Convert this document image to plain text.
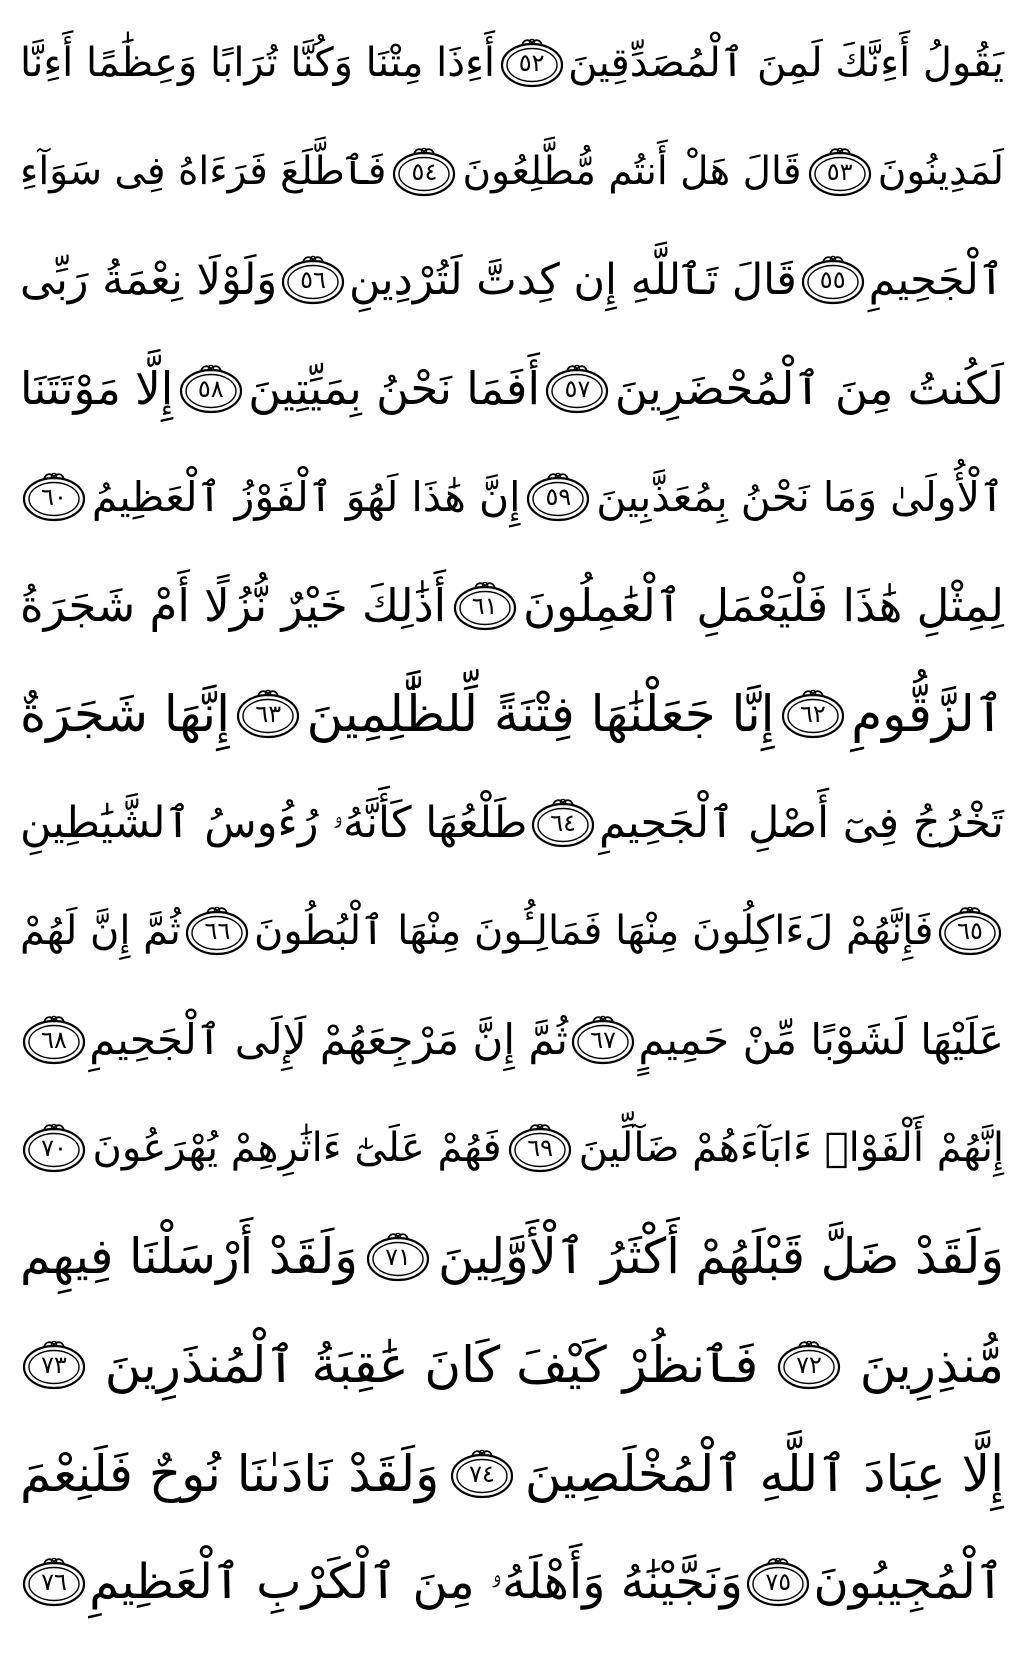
يَقُولُ أَءِنَّكَ لَمِنَ ٱلْمُصَدِّقِينَ
٥٢
أَءِذَا مِتْنَا وَكُنَّا تُرَابًا وَعِظَٰمًا أَءِنَّا
لَمَدِينُونَ
٥٣
قَالَ هَلْ أَنتُم مُّطَّلِعُونَ
٥٤
فَٱطَّلَعَ فَرَءَاهُ فِى سَوَآءِ
ٱلْجَحِيمِ
٥٥
قَالَ تَٱللَّهِ إِن كِدتَّ لَتُرْدِينِ
٥٦
وَلَوْلَا نِعْمَةُ رَبِّى
لَكُنتُ مِنَ ٱلْمُحْضَرِينَ
٥٧
أَفَمَا نَحْنُ بِمَيِّتِينَ
٥٨
إِلَّا مَوْتَتَنَا
ٱلْأُولَىٰ وَمَا نَحْنُ بِمُعَذَّبِينَ
٥٩
إِنَّ هَٰذَا لَهُوَ ٱلْفَوْزُ ٱلْعَظِيمُ
٦٠
لِمِثْلِ هَٰذَا فَلْيَعْمَلِ ٱلْعَٰمِلُونَ
٦١
أَذَٰلِكَ خَيْرٌ نُّزُلًا أَمْ شَجَرَةُ
ٱلزَّقُّومِ
٦٢
إِنَّا جَعَلْنَٰهَا فِتْنَةً لِّلظَّٰلِمِينَ
٦٣
إِنَّهَا شَجَرَةٌ
تَخْرُجُ فِىٓ أَصْلِ ٱلْجَحِيمِ
٦٤
طَلْعُهَا كَأَنَّهُۥ رُءُوسُ ٱلشَّيَٰطِينِ
٦٥
فَإِنَّهُمْ لَءَاكِلُونَ مِنْهَا فَمَالِـُٔونَ مِنْهَا ٱلْبُطُونَ
٦٦
ثُمَّ إِنَّ لَهُمْ
عَلَيْهَا لَشَوْبًا مِّنْ حَمِيمٍ
٦٧
ثُمَّ إِنَّ مَرْجِعَهُمْ لَإِلَى ٱلْجَحِيمِ
٦٨
إِنَّهُمْ أَلْفَوْا۟ ءَابَآءَهُمْ ضَآلِّينَ
٦٩
فَهُمْ عَلَىٰٓ ءَاثَٰرِهِمْ يُهْرَعُونَ
٧٠
وَلَقَدْ ضَلَّ قَبْلَهُمْ أَكْثَرُ ٱلْأَوَّلِينَ
٧١
وَلَقَدْ أَرْسَلْنَا فِيهِم
مُّنذِرِينَ
٧٢
فَٱنظُرْ كَيْفَ كَانَ عَٰقِبَةُ ٱلْمُنذَرِينَ
٧٣
إِلَّا عِبَادَ ٱللَّهِ ٱلْمُخْلَصِينَ
٧٤
وَلَقَدْ نَادَىٰنَا نُوحٌ فَلَنِعْمَ
ٱلْمُجِيبُونَ
٧٥
وَنَجَّيْنَٰهُ وَأَهْلَهُۥ مِنَ ٱلْكَرْبِ ٱلْعَظِيمِ
٧٦
